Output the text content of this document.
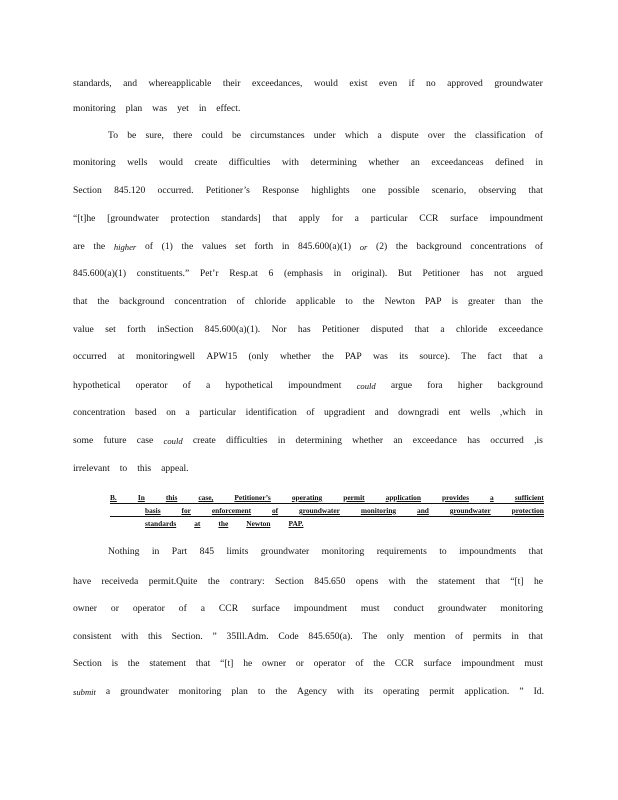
standards, and whereapplicable their exceedances, would exist even if no approved groundwater
monitoring plan was yet in effect.
To be sure, there could be circumstances under which a dispute over the classification of
monitoring wells would create difficulties with determining whether an exceedanceas defined in
Section 845.120 occurred. Petitioner’s Response highlights one possible scenario, observing that
“[t]he [groundwater protection standards] that apply for a particular CCR surface impoundment
are the higher of (1) the values set forth in 845.600(a)(1) or (2) the background concentrations of
845.600(a)(1) constituents.” Pet’r Resp.at 6 (emphasis in original). But Petitioner has not argued
that the background concentration of chloride applicable to the Newton PAP is greater than the
value set forth inSection 845.600(a)(1). Nor has Petitioner disputed that a chloride exceedance
occurred at monitoringwell APW15 (only whether the PAP was its source). The fact that a
hypothetical operator of a hypothetical impoundment could argue fora higher background
concentration based on a particular identification of upgradient and downgradi ent wells ,which in
some future case could create difficulties in determining whether an exceedance has occurred ,is
irrelevant to this appeal.
Nothing in Part 845 limits groundwater monitoring requirements to impoundments that
have receiveda permit.Quite the contrary: Section 845.650 opens with the statement that “[t] he
owner or operator of a CCR surface impoundment must conduct groundwater monitoring
consistent with this Section. ” 35Ill.Adm. Code 845.650(a). The only mention of permits in that
Section is the statement that “[t] he owner or operator of the CCR surface impoundment must
submit a groundwater monitoring plan to the Agency with its operating permit application. ” Id.
B.	In	this	case,	Petitioner’s	operating	permit	application	provides	a	sufficient
basis	for	enforcement	of	groundwater	monitoring	and	groundwater	protection
standards at the Newton PAP.
